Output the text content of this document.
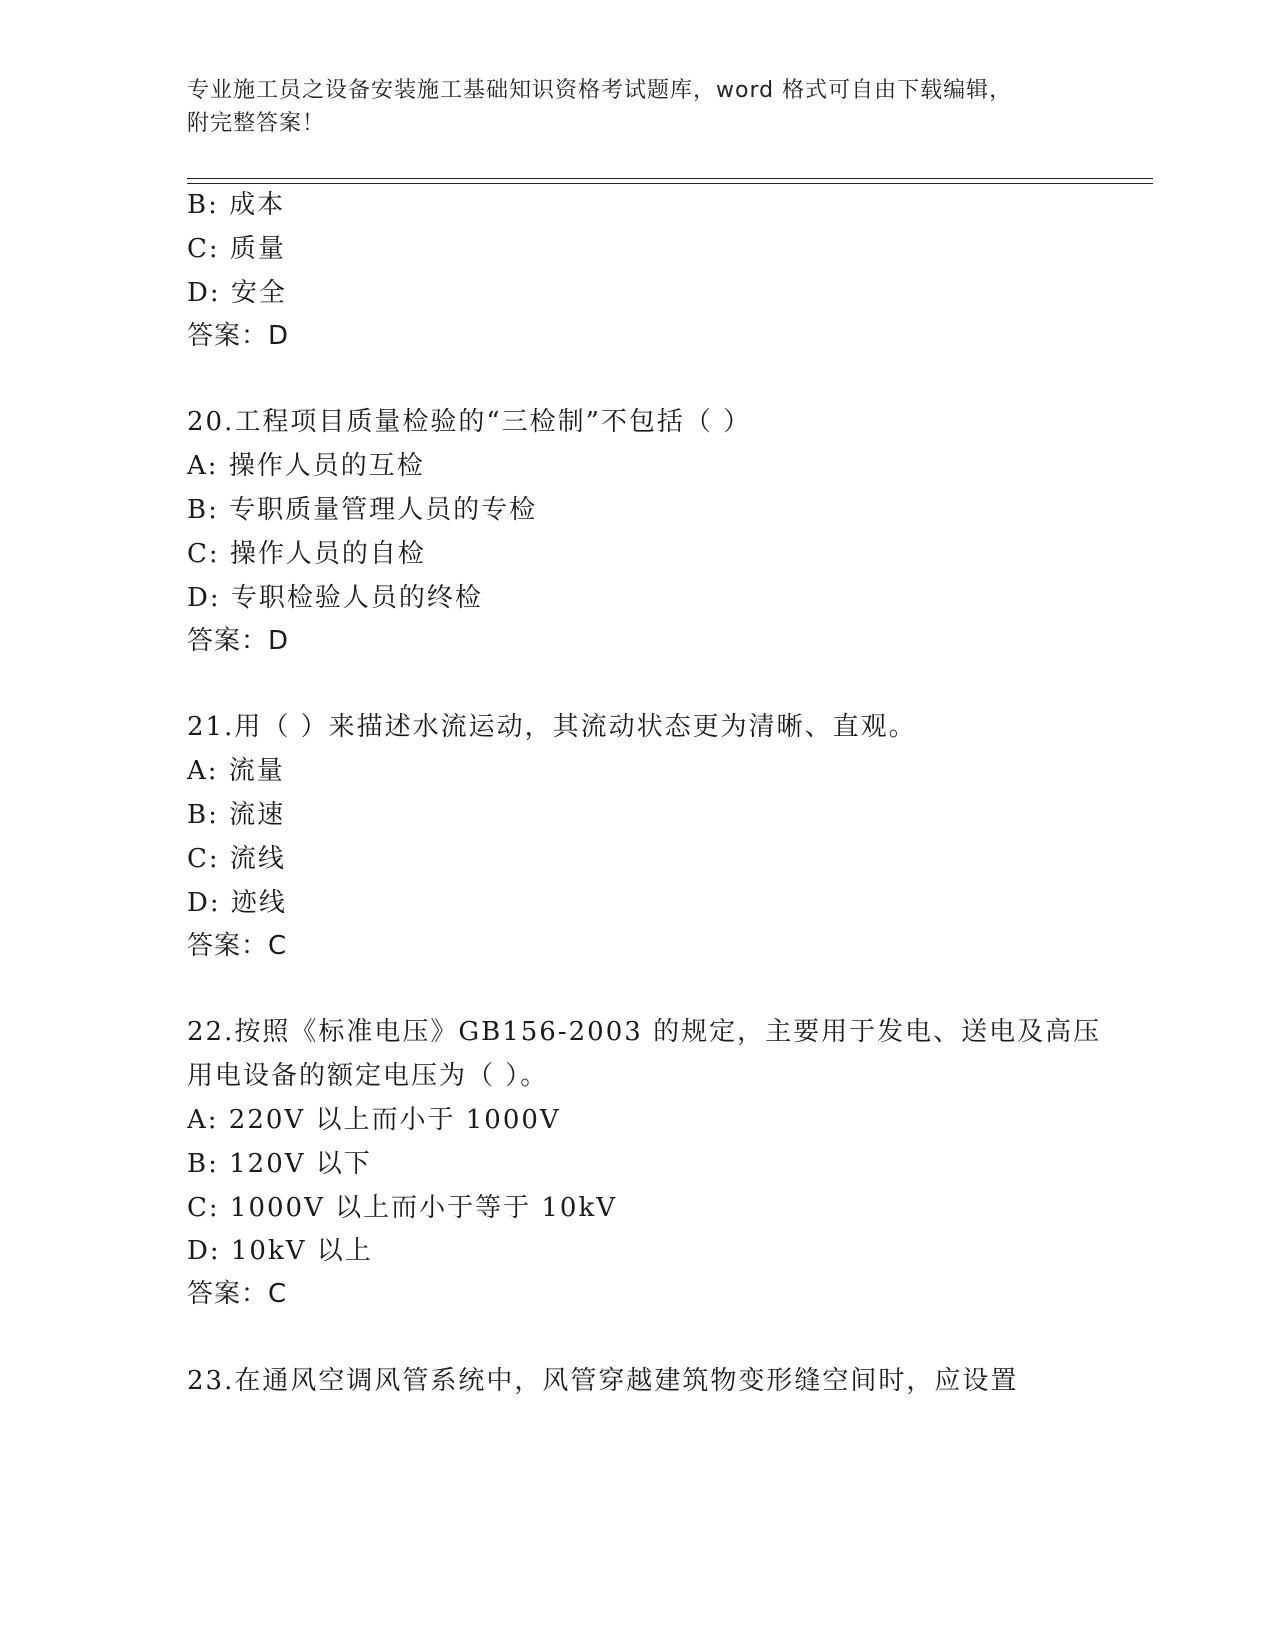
专业施工员之设备安装施工基础知识资格考试题库，word 格式可自由下载编辑，
附完整答案！
B: 成本
C: 质量
D: 安全
答案：D
20.工程项目质量检验的“三检制”不包括（ ）
A: 操作人员的互检
B: 专职质量管理人员的专检
C: 操作人员的自检
D: 专职检验人员的终检
答案：D
21.用（ ）来描述水流运动，其流动状态更为清晰、直观。
A: 流量
B: 流速
C: 流线
D: 迹线
答案：C
22.按照《标准电压》GB156-2003 的规定，主要用于发电、送电及高压
用电设备的额定电压为（ ）。
A: 220V 以上而小于 1000V
B: 120V 以下
C: 1000V 以上而小于等于 10kV
D: 10kV 以上
答案：C
23.在通风空调风管系统中，风管穿越建筑物变形缝空间时，应设置
